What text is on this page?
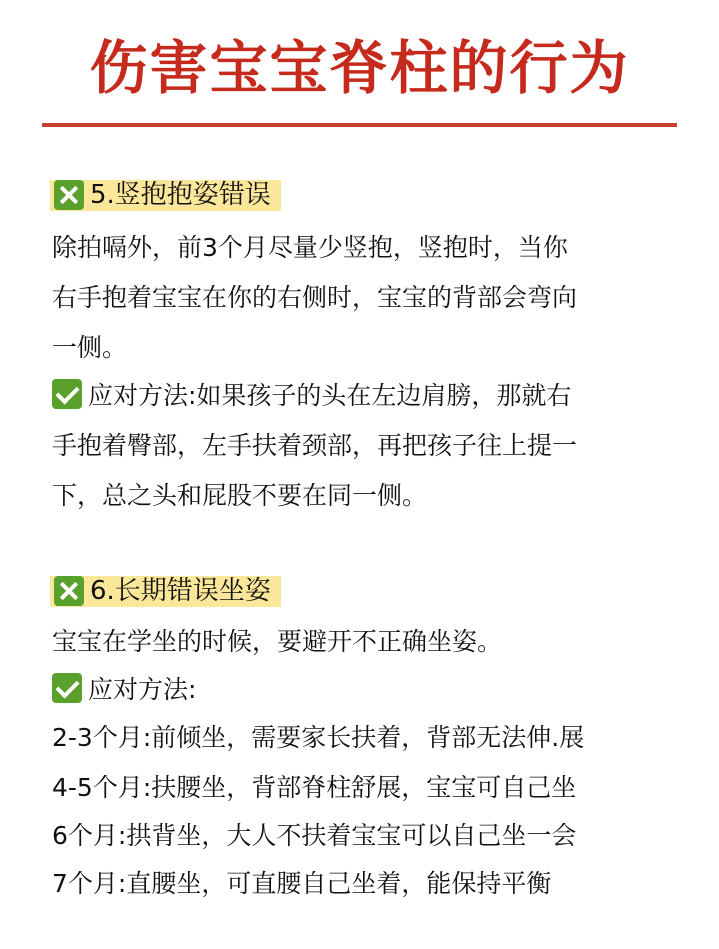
伤害宝宝脊柱的行为
5.竖抱抱姿错误
除拍嗝外，前3个月尽量少竖抱，竖抱时，当你
右手抱着宝宝在你的右侧时，宝宝的背部会弯向
一侧。
应对方法:如果孩子的头在左边肩膀，那就右
手抱着臀部，左手扶着颈部，再把孩子往上提一
下，总之头和屁股不要在同一侧。
6.长期错误坐姿
宝宝在学坐的时候，要避开不正确坐姿。
应对方法:
2-3个月:前倾坐，需要家长扶着，背部无法伸.展
4-5个月:扶腰坐，背部脊柱舒展，宝宝可自己坐
6个月:拱背坐，大人不扶着宝宝可以自己坐一会
7个月:直腰坐，可直腰自己坐着，能保持平衡
